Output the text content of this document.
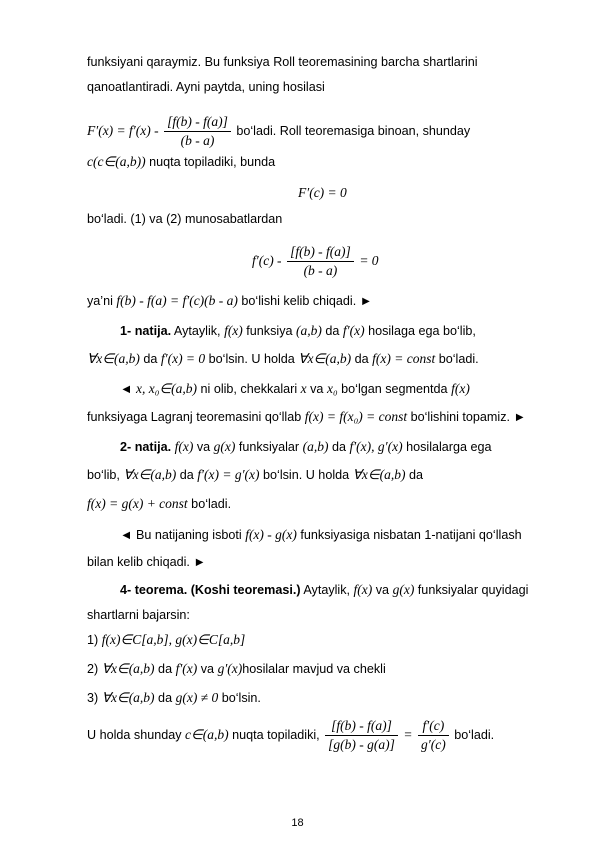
funksiyani qaraymiz. Bu funksiya Roll teoremasining barcha shartlarini
qanoatlantiradi. Ayni paytda, uning hosilasi
$F'(x) = f'(x) - \frac{[f(b) - f(a)]}{(b - a)}$ bo‘ladi. Roll teoremasiga binoan, shunday
c(c∈(a,b)) nuqta topiladiki, bunda
F′(c) = 0
bo‘ladi. (1) va (2) munosabatlardan
$f'(c) - \frac{[f(b) - f(a)]}{(b - a)} = 0$
ya’ni f(b) - f(a) = f′(c)(b - a) bo‘lishi kelib chiqadi. ►
1- natija. Aytaylik, f(x) funksiya (a,b) da f′(x) hosilaga ega bo‘lib,
∀x∈(a,b) da f′(x) = 0 bo‘lsin. U holda ∀x∈(a,b) da f(x) = const bo‘ladi.
◄ x, x₀∈(a,b) ni olib, chekkalari x va x₀ bo‘lgan segmentda f(x)
funksiyaga Lagranj teoremasini qo‘llab f(x) = f(x₀) = const bo‘lishini topamiz. ►
2- natija. f(x) va g(x) funksiyalar (a,b) da f′(x), g′(x) hosilalarga ega
bo‘lib, ∀x∈(a,b) da f′(x) = g′(x) bo‘lsin. U holda ∀x∈(a,b) da
f(x) = g(x) + const bo‘ladi.
◄ Bu natijaning isboti f(x) - g(x) funksiyasiga nisbatan 1-natijani qo‘llash
bilan kelib chiqadi. ►
4- teorema. (Koshi teoremasi.) Aytaylik, f(x) va g(x) funksiyalar quyidagi
shartlarni bajarsin:
1) f(x)∈C[a,b], g(x)∈C[a,b]
2) ∀x∈(a,b) da f′(x) va g′(x)hosilalar mavjud va chekli
3) ∀x∈(a,b) da g(x) ≠ 0 bo‘lsin.
U holda shunday c∈(a,b) nuqta topiladiki, $\frac{[f(b) - f(a)]}{[g(b) - g(a)]} = \frac{f'(c)}{g'(c)}$ bo‘ladi.
18
